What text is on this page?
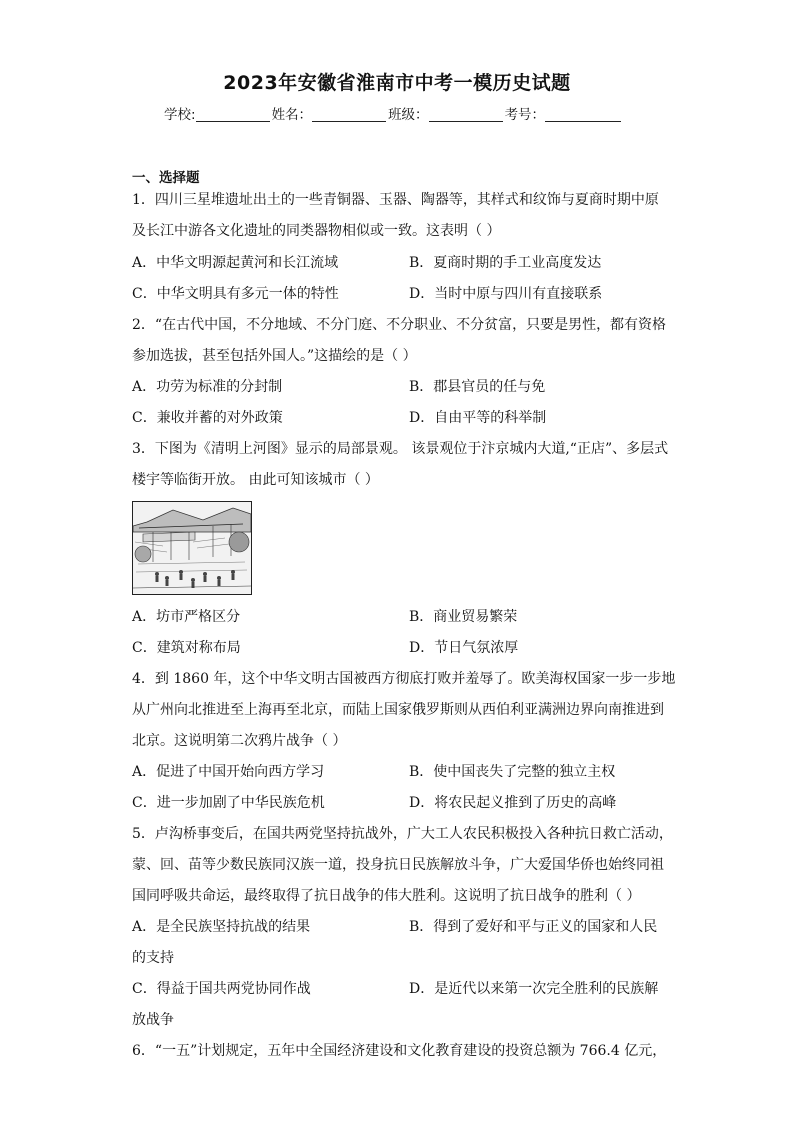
2023年安徽省淮南市中考一模历史试题
学校:	姓名：	班级：	考号：
一、选择题
1．四川三星堆遗址出土的一些青铜器、玉器、陶器等，其样式和纹饰与夏商时期中原
及长江中游各文化遗址的同类器物相似或一致。这表明（ ）
A．中华文明源起黄河和长江流域	B．夏商时期的手工业高度发达
C．中华文明具有多元一体的特性	D．当时中原与四川有直接联系
2．“在古代中国，不分地域、不分门庭、不分职业、不分贫富，只要是男性，都有资格
参加选拔，甚至包括外国人。”这描绘的是（ ）
A．功劳为标准的分封制	B．郡县官员的任与免
C．兼收并蓄的对外政策	D．自由平等的科举制
3．下图为《清明上河图》显示的局部景观。 该景观位于汴京城内大道,“正店”、多层式
楼宇等临街开放。 由此可知该城市（ ）
A．坊市严格区分	B．商业贸易繁荣
C．建筑对称布局	D．节日气氛浓厚
4．到 1860 年，这个中华文明古国被西方彻底打败并羞辱了。欧美海权国家一步一步地
从广州向北推进至上海再至北京，而陆上国家俄罗斯则从西伯利亚满洲边界向南推进到
北京。这说明第二次鸦片战争（ ）
A．促进了中国开始向西方学习	B．使中国丧失了完整的独立主权
C．进一步加剧了中华民族危机	D．将农民起义推到了历史的高峰
5．卢沟桥事变后，在国共两党坚持抗战外，广大工人农民积极投入各种抗日救亡活动，
蒙、回、苗等少数民族同汉族一道，投身抗日民族解放斗争，广大爱国华侨也始终同祖
国同呼吸共命运，最终取得了抗日战争的伟大胜利。这说明了抗日战争的胜利（ ）
A．是全民族坚持抗战的结果	B．得到了爱好和平与正义的国家和人民
的支持
C．得益于国共两党协同作战	D．是近代以来第一次完全胜利的民族解
放战争
6．“一五”计划规定，五年中全国经济建设和文化教育建设的投资总额为 766.4 亿元，
